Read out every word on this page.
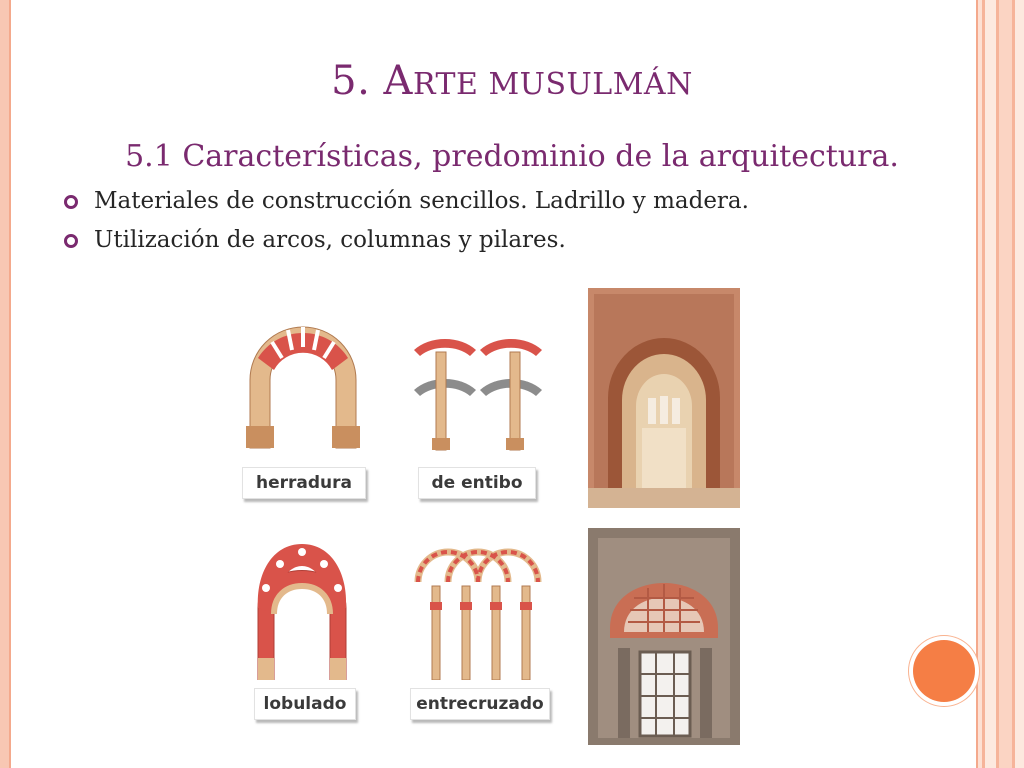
5. ARTE MUSULMÁN
5.1 Características, predominio de la arquitectura.
Materiales de construcción sencillos. Ladrillo y madera.
Utilización de arcos, columnas y pilares.
herradura	de entibo
lobulado	entrecruzado
